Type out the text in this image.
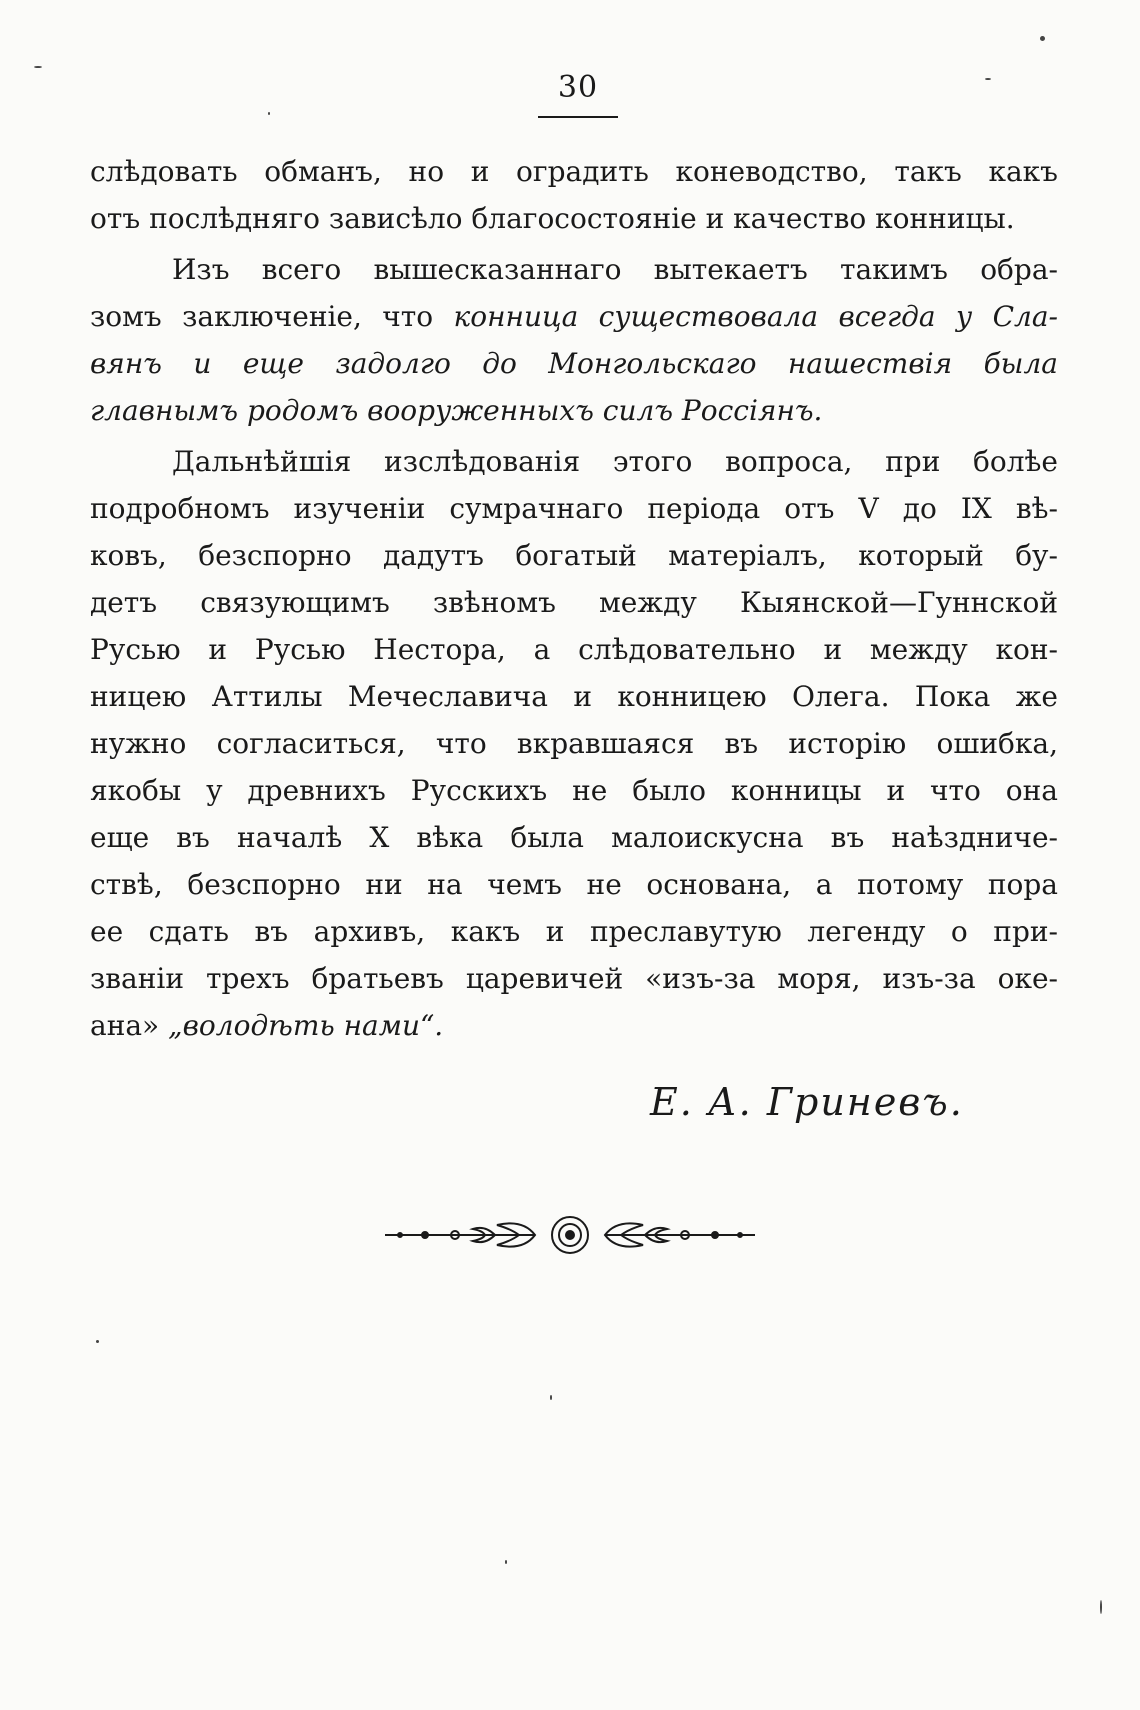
30
слѣдовать обманъ, но и оградить коневодство, такъ какъ
отъ послѣдняго зависѣло благосостояніе и качество конницы.
Изъ всего вышесказаннаго вытекаетъ такимъ обра-
зомъ заключеніе, что конница существовала всегда у Сла-
вянъ и еще задолго до Монгольскаго нашествія была
главнымъ родомъ вооруженныхъ силъ Россіянъ.
Дальнѣйшія изслѣдованія этого вопроса, при болѣе
подробномъ изученіи сумрачнаго періода отъ V до IX вѣ-
ковъ, безспорно дадутъ богатый матеріалъ, который бу-
детъ связующимъ звѣномъ между Кыянской—Гуннской
Русью и Русью Нестора, а слѣдовательно и между кон-
ницею Аттилы Мечеславича и конницею Олега. Пока же
нужно согласиться, что вкравшаяся въ исторію ошибка,
якобы у древнихъ Русскихъ не было конницы и что она
еще въ началѣ X вѣка была малоискусна въ наѣздниче-
ствѣ, безспорно ни на чемъ не основана, а потому пора
ее сдать въ архивъ, какъ и преславутую легенду о при-
званіи трехъ братьевъ царевичей «изъ-за моря, изъ-за оке-
ана» „володѣть нами“.
Е. А. Гриневъ.
